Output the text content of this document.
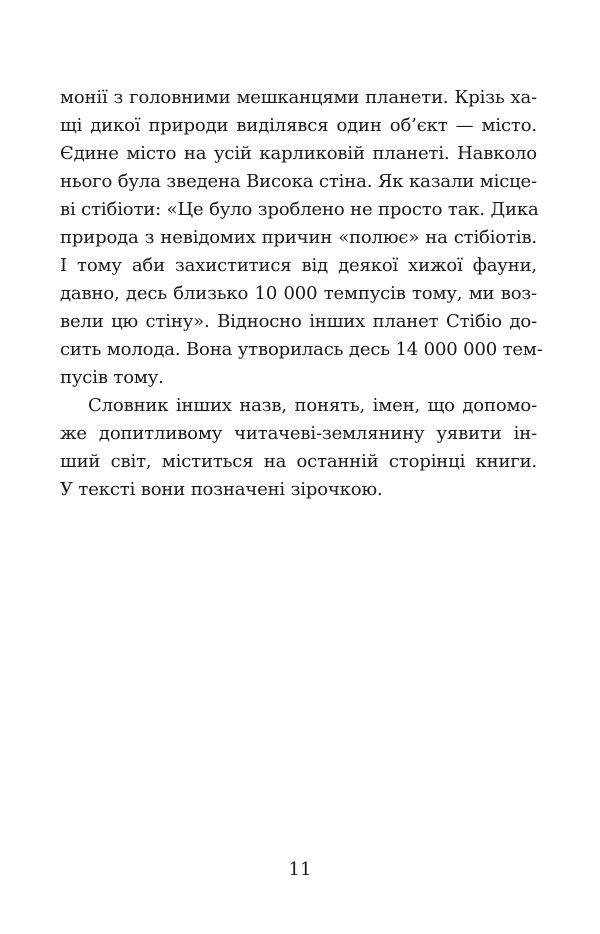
монії з головними мешканцями планети. Крізь ха-
щі дикої природи виділявся один об’єкт — місто.
Єдине місто на усій карликовій планеті. Навколо
нього була зведена Висока стіна. Як казали місце-
ві стібіоти: «Це було зроблено не просто так. Дика
природа з невідомих причин «полює» на стібіотів.
І тому аби захиститися від деякої хижої фауни,
давно, десь близько 10 000 темпусів тому, ми воз-
вели цю стіну». Відносно інших планет Стібіо до-
сить молода. Вона утворилась десь 14 000 000 тем-
пусів тому.
Словник інших назв, понять, імен, що допомо-
же допитливому читачеві-землянину уявити ін-
ший світ, міститься на останній сторінці книги.
У тексті вони позначені зірочкою.
11
